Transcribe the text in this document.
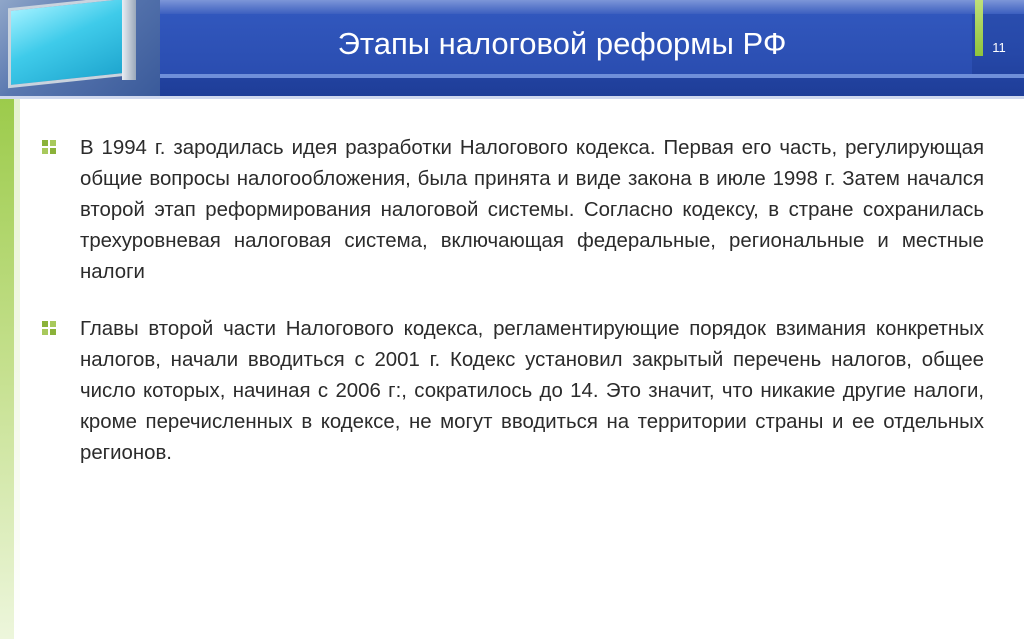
Этапы налоговой реформы РФ	11
В 1994 г. зародилась идея разработки Налогового кодекса. Первая его часть, регулирующая общие вопросы налогообложения, была принята и виде закона в июле 1998 г. Затем начался второй этап реформирования налоговой системы. Согласно кодексу, в стране сохранилась трехуровневая налоговая система, включающая федеральные, региональные и местные налоги
Главы второй части Налогового кодекса, регламентирующие порядок взимания конкретных налогов, начали вводиться с 2001 г. Кодекс установил закрытый перечень налогов, общее число которых, начиная с 2006 г:, сократилось до 14. Это значит, что никакие другие налоги, кроме перечисленных в кодексе, не могут вводиться на территории страны и ее отдельных регионов.
